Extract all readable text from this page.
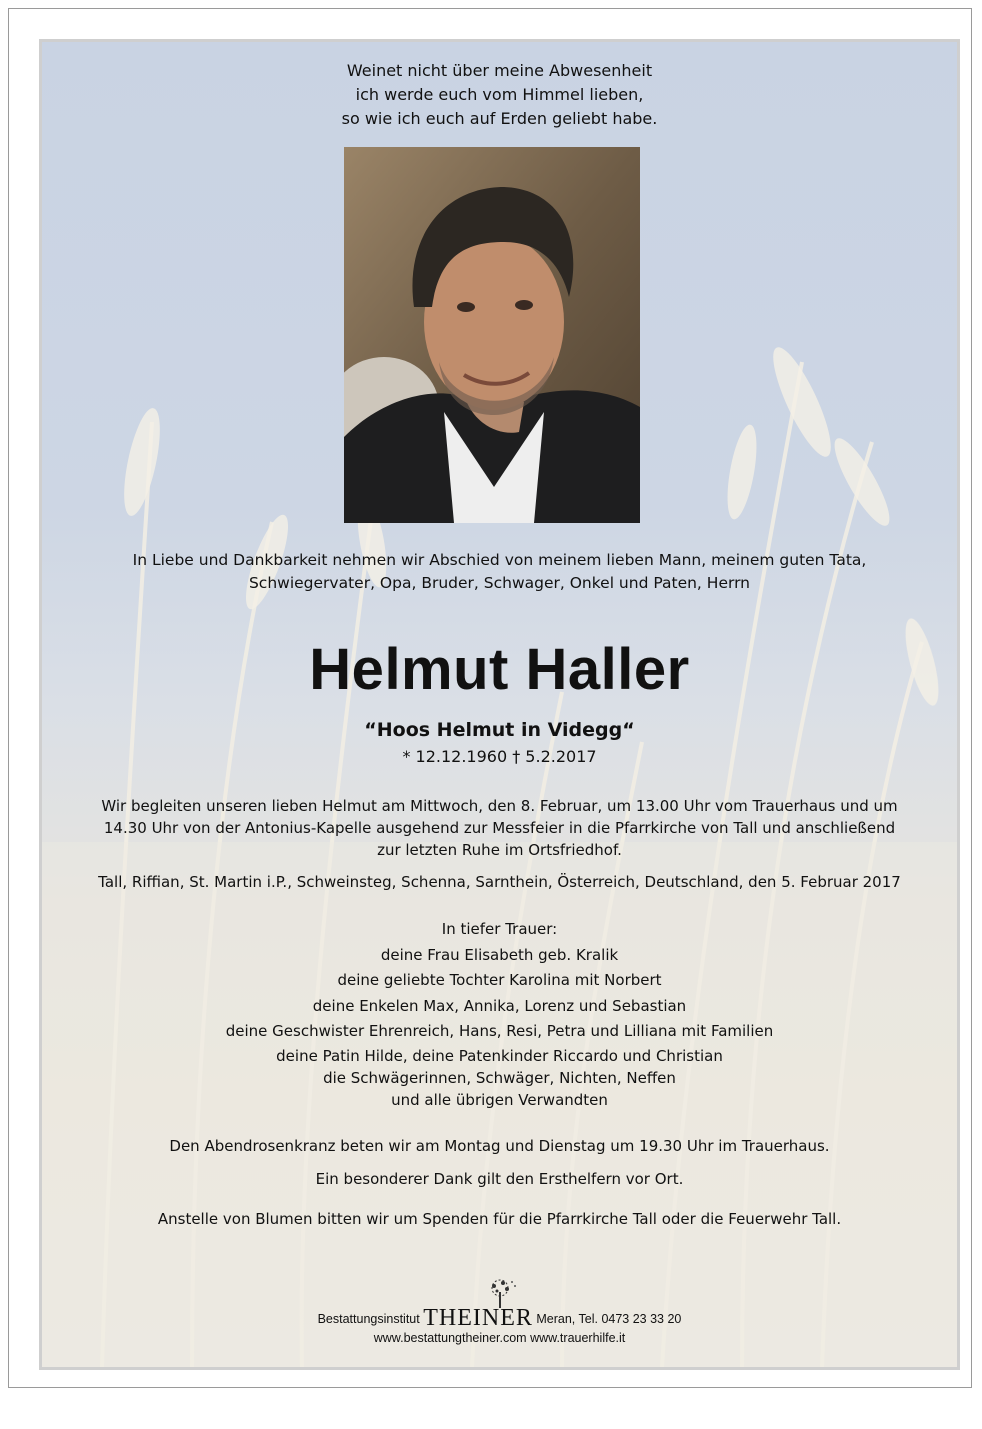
Weinet nicht über meine Abwesenheit
ich werde euch vom Himmel lieben,
so wie ich euch auf Erden geliebt habe.
In Liebe und Dankbarkeit nehmen wir Abschied von meinem lieben Mann, meinem guten Tata,
Schwiegervater, Opa, Bruder, Schwager, Onkel und Paten, Herrn
Helmut Haller
“Hoos Helmut in Videgg“
* 12.12.1960 † 5.2.2017
Wir begleiten unseren lieben Helmut am Mittwoch, den 8. Februar, um 13.00 Uhr vom Trauerhaus und um
14.30 Uhr von der Antonius-Kapelle ausgehend zur Messfeier in die Pfarrkirche von Tall und anschließend
zur letzten Ruhe im Ortsfriedhof.
Tall, Riffian, St. Martin i.P., Schweinsteg, Schenna, Sarnthein, Österreich, Deutschland, den 5. Februar 2017
In tiefer Trauer:
deine Frau Elisabeth geb. Kralik
deine geliebte Tochter Karolina mit Norbert
deine Enkelen Max, Annika, Lorenz und Sebastian
deine Geschwister Ehrenreich, Hans, Resi, Petra und Lilliana mit Familien
deine Patin Hilde, deine Patenkinder Riccardo und Christian
die Schwägerinnen, Schwäger, Nichten, Neffen
und alle übrigen Verwandten
Den Abendrosenkranz beten wir am Montag und Dienstag um 19.30 Uhr im Trauerhaus.
Ein besonderer Dank gilt den Ersthelfern vor Ort.
Anstelle von Blumen bitten wir um Spenden für die Pfarrkirche Tall oder die Feuerwehr Tall.
Bestattungsinstitut THEINER Meran, Tel. 0473 23 33 20
www.bestattungtheiner.com www.trauerhilfe.it
